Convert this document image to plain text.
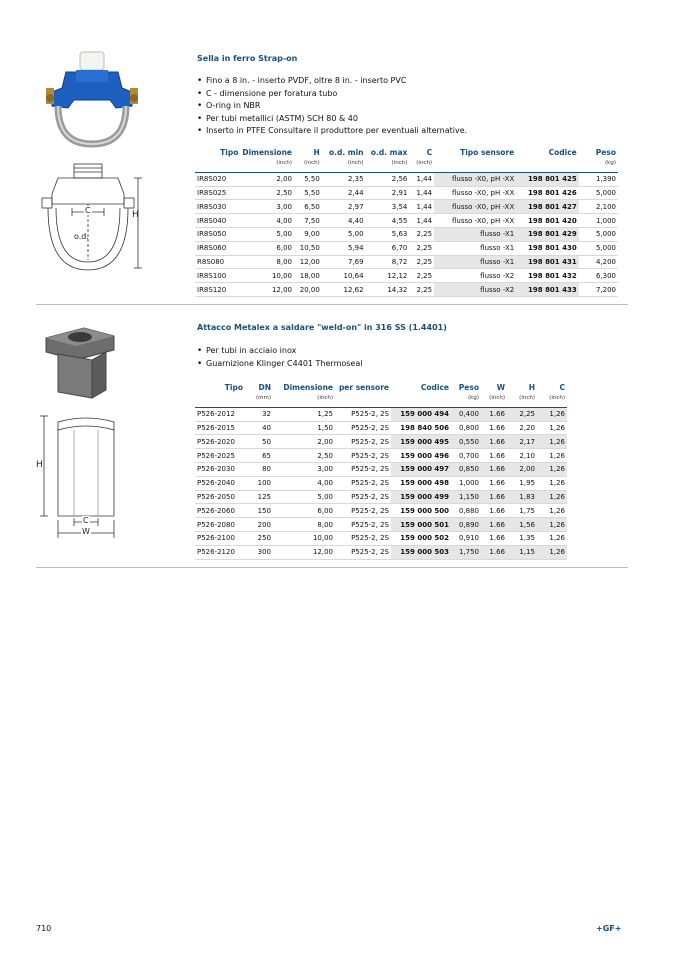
C
o.d.
H
Sella in ferro Strap-on
• Fino a 8 in. - inserto PVDF, oltre 8 in. - inserto PVC
• C - dimensione per foratura tubo
• O-ring in NBR
• Per tubi metallici (ASTM) SCH 80 & 40
• Inserto in PTFE Consultare il produttore per eventuali alternative.
Tipo	Dimensione	H	o.d. min	o.d. max	C	Tipo sensore	Codice	Peso
	(inch)	(inch)	(inch)	(inch)	(inch)			(kg)
IR8S020	2,00	5,50	2,35	2,56	1,44	flusso -X0, pH -XX	198 801 425	1,390
IR8S025	2,50	5,50	2,44	2,91	1,44	flusso -X0, pH -XX	198 801 426	5,000
IR8S030	3,00	6,50	2,97	3,54	1,44	flusso -X0, pH -XX	198 801 427	2,100
IR8S040	4,00	7,50	4,40	4,55	1,44	flusso -X0, pH -XX	198 801 420	1,000
IR8S050	5,00	9,00	5,00	5,63	2,25	flusso -X1	198 801 429	5,000
IR8S060	6,00	10,50	5,94	6,70	2,25	flusso -X1	198 801 430	5,000
R8S080	8,00	12,00	7,69	8,72	2,25	flusso -X1	198 801 431	4,200
IR8S100	10,00	18,00	10,64	12,12	2,25	flusso -X2	198 801 432	6,300
IR8S120	12,00	20,00	12,62	14,32	2,25	flusso -X2	198 801 433	7,200
H
C
W
Attacco Metalex a saldare "weld-on" in 316 SS (1.4401)
• Per tubi in acciaio inox
• Guarnizione Klinger C4401 Thermoseal
Tipo	DN	Dimensione	per sensore	Codice	Peso	W	H	C
	(mm)	(inch)			(kg)	(inch)	(inch)	(inch)
P526-2012	32	1,25	P525-2, 2S	159 000 494	0,400	1.66	2,25	1,26
P526-2015	40	1,50	P525-2, 2S	198 840 506	0,800	1.66	2,20	1,26
P526-2020	50	2,00	P525-2, 2S	159 000 495	0,550	1.66	2,17	1,26
P526-2025	65	2,50	P525-2, 2S	159 000 496	0,700	1.66	2,10	1,26
P526-2030	80	3,00	P525-2, 2S	159 000 497	0,850	1.66	2,00	1,26
P526-2040	100	4,00	P525-2, 2S	159 000 498	1,000	1.66	1,95	1,26
P526-2050	125	5,00	P525-2, 2S	159 000 499	1,150	1.66	1,83	1,26
P526-2060	150	6,00	P525-2, 2S	159 000 500	0,880	1.66	1,75	1,26
P526-2080	200	8,00	P525-2, 2S	159 000 501	0,890	1.66	1,56	1,26
P526-2100	250	10,00	P525-2, 2S	159 000 502	0,910	1.66	1,35	1,26
P526-2120	300	12,00	P525-2, 2S	159 000 503	1,750	1.66	1,15	1,26
710	+GF+
